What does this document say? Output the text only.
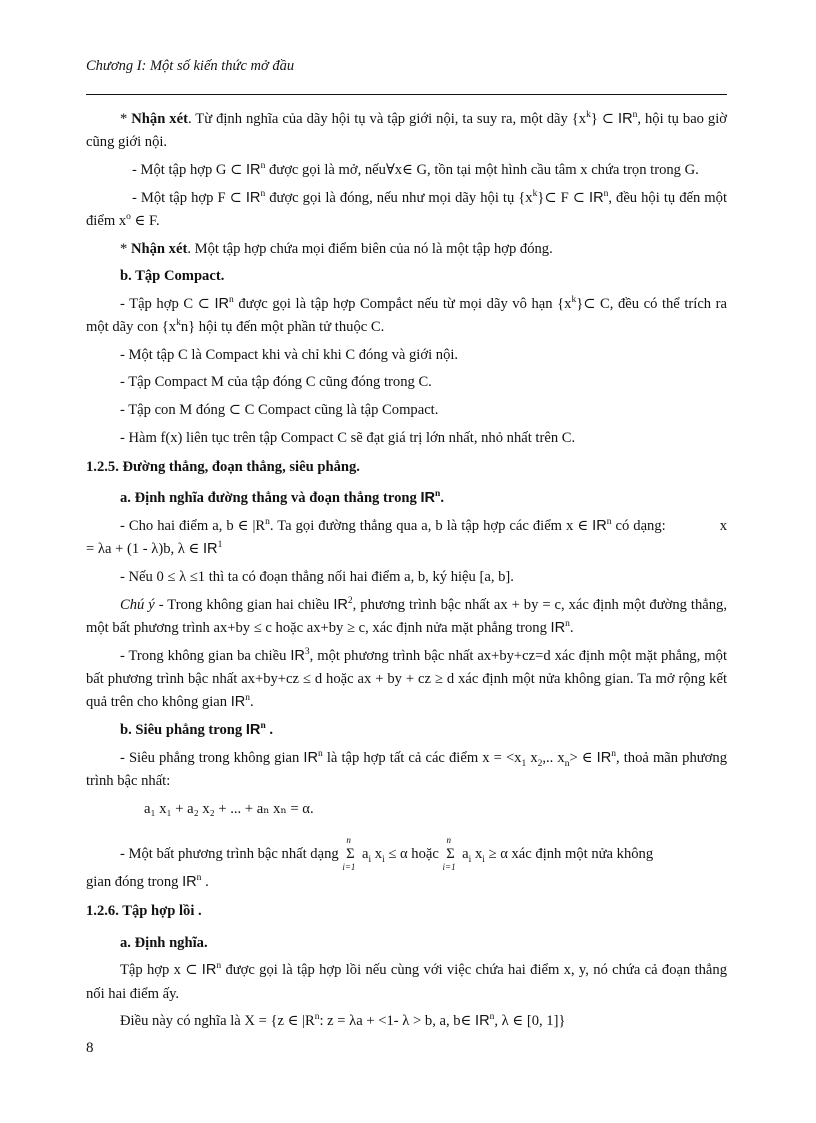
Chương I: Một số kiến thức mở đầu

* Nhận xét. Từ định nghĩa của dãy hội tụ và tập giới nội, ta suy ra, một dãy $\{x^k\}$ ⊂ $IR^n$, hội tụ bao giờ cũng giới nội.

- Một tập hợp G ⊂ $IR^n$ được gọi là mở, nếu∀x∈ G, tồn tại một hình cầu tâm x chứa trọn trong G.

- Một tập hợp F ⊂ $IR^n$ được gọi là đóng, nếu như mọi dãy hội tụ $\{x^k\}\subset$ F ⊂ $IR^n$, đều hội tụ đến một điểm $x^o$ ∈ F.

* Nhận xét. Một tập hợp chứa mọi điểm biên của nó là một tập hợp đóng.

b. Tập Compact.

- Tập hợp C ⊂ $IR^n$ được gọi là tập hợp Compắct nếu từ mọi dãy vô hạn $\{x^k\}\subset$ C, đều có thể trích ra một dãy con $\{x^kn\}$ hội tụ đến một phần tử thuộc C.

- Một tập C là Compact khi và chỉ khi C đóng và giới nội.

- Tập Compact M của tập đóng C cũng đóng trong C.

- Tập con M đóng ⊂ C Compact cũng là tập Compact.

- Hàm f(x) liên tục trên tập Compact C sẽ đạt giá trị lớn nhất, nhỏ nhất trên C.

1.2.5. Đường thẳng, đoạn thẳng, siêu phẳng.

a. Định nghĩa đường thẳng và đoạn thẳng trong $IR^n$.

- Cho hai điểm a, b ∈ $|R^n$. Ta gọi đường thẳng qua a, b là tập hợp các điểm x ∈ $IR^n$ có dạng:	x = λa + (1 - λ)b, λ ∈ $IR^1$

- Nếu 0 ≤ λ ≤1 thì ta có đoạn thẳng nối hai điểm a, b, ký hiệu [a, b].

Chú ý - Trong không gian hai chiều $IR^2$, phương trình bậc nhất ax + by = c, xác định một đường thẳng, một bất phương trình ax+by ≤ c hoặc ax+by ≥ c, xác định nửa mặt phẳng trong $IR^n$.

- Trong không gian ba chiều $IR^3$, một phương trình bậc nhất ax+by+cz=d xác định một mặt phẳng, một bất phương trình bậc nhất ax+by+cz ≤ d hoặc ax + by + cz ≥ d xác định một nửa không gian. Ta mở rộng kết quả trên cho không gian $IR^n$.

b. Siêu phẳng trong $IR^n$ .

- Siêu phẳng trong không gian $IR^n$ là tập hợp tất cả các điểm $x = <x_1$ $x_2$,.. $x_n>$ ∈ $IR^n$, thoả mãn phương trình bậc nhất:

a₁ x₁ + a₂ x₂ + ... + aₙ xₙ = α.

- Một bất phương trình bậc nhất dạng
n
Σ
i=1
$a_i$ $x_i \le \alpha$ hoặc
n
Σ
i=1
$a_i$ $x_i \ge \alpha$ xác định một nửa không

gian đóng trong $IR^n$ .

1.2.6. Tập hợp lồi .

a. Định nghĩa.

Tập hợp x ⊂ $IR^n$ được gọi là tập hợp lồi nếu cùng với việc chứa hai điểm x, y, nó chứa cả đoạn thẳng nối hai điểm ấy.

Điều này có nghĩa là X = {z ∈ $|R^n$: z = λa + <1- λ > b, a, b∈ $IR^n$, λ ∈ [0, 1]}

8
